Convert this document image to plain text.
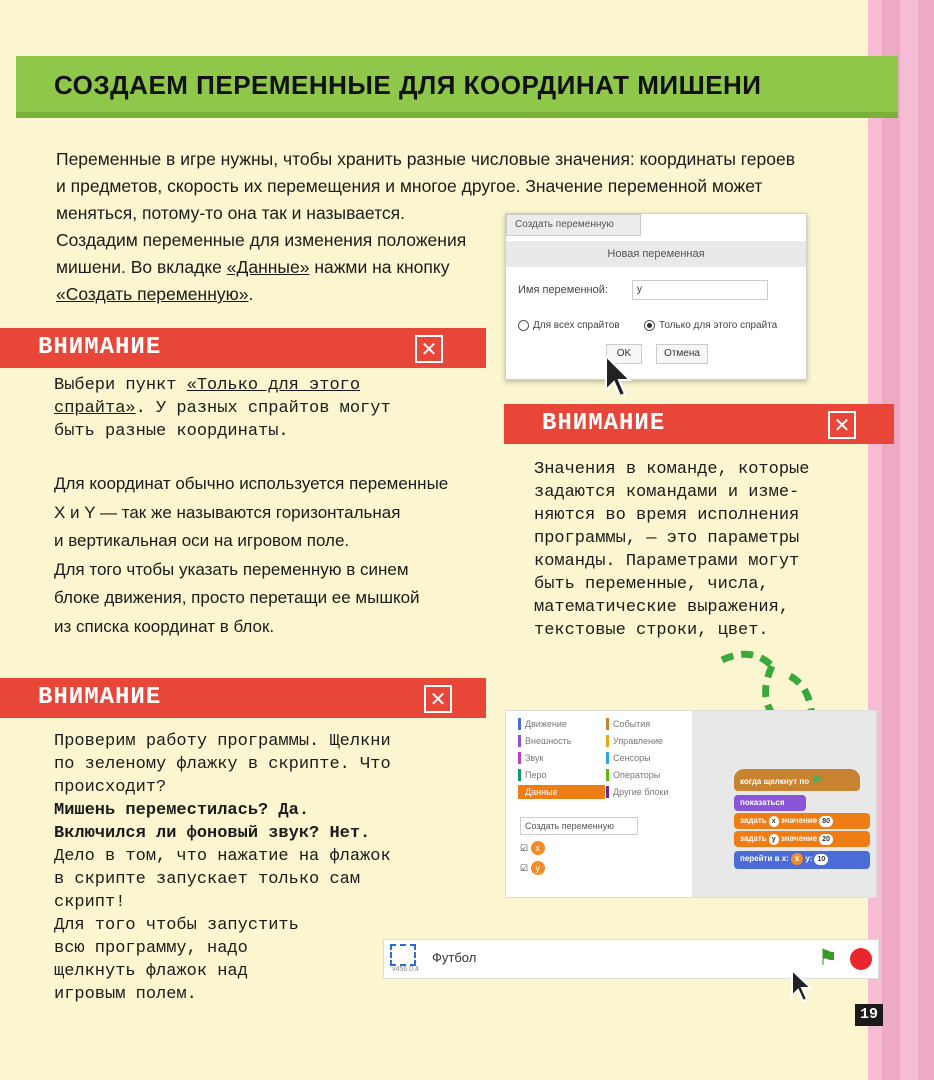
СОЗДАЕМ ПЕРЕМЕННЫЕ ДЛЯ КООРДИНАТ МИШЕНИ
Переменные в игре нужны, чтобы хранить разные числовые значения: координаты героев
и предметов, скорость их перемещения и многое другое. Значение переменной может
меняться, потому-то она так и называется.
Создадим переменные для изменения положения
мишени. Во вкладке «Данные» нажми на кнопку
«Создать переменную».
Создать переменную
Новая переменная
Имя переменной:	у
Для всех спрайтов	Только для этого спрайта
OK	Отмена
ВНИМАНИЕ	✕
Выбери пункт «Только для этого
спрайта». У разных спрайтов могут
быть разные координаты.
Для координат обычно используется переменные
X и Y — так же называются горизонтальная
и вертикальная оси на игровом поле.
Для того чтобы указать переменную в синем
блоке движения, просто перетащи ее мышкой
из списка координат в блок.
ВНИМАНИЕ	✕
Значения в команде, которые
задаются командами и изме-
няются во время исполнения
программы, — это параметры
команды. Параметрами могут
быть переменные, числа,
математические выражения,
текстовые строки, цвет.
ВНИМАНИЕ	✕
Проверим работу программы. Щелкни
по зеленому флажку в скрипте. Что
происходит?
Мишень переместилась? Да.
Включился ли фоновый звук? Нет.
Дело в том, что нажатие на флажок
в скрипте запускает только сам
скрипт!
Для того чтобы запустить
всю программу, надо
щелкнуть флажок над
игровым полем.
Движение
Внешность
Звук
Перо
Данные
События
Управление
Сенсоры
Операторы
Другие блоки
Создать переменную
☑ х
☑ у
когда щелкнут по ⚑
показаться
задать х значение 80
задать у значение 20
перейти в x: х y: 10
v456.0.4
Футбол	⚑
19
